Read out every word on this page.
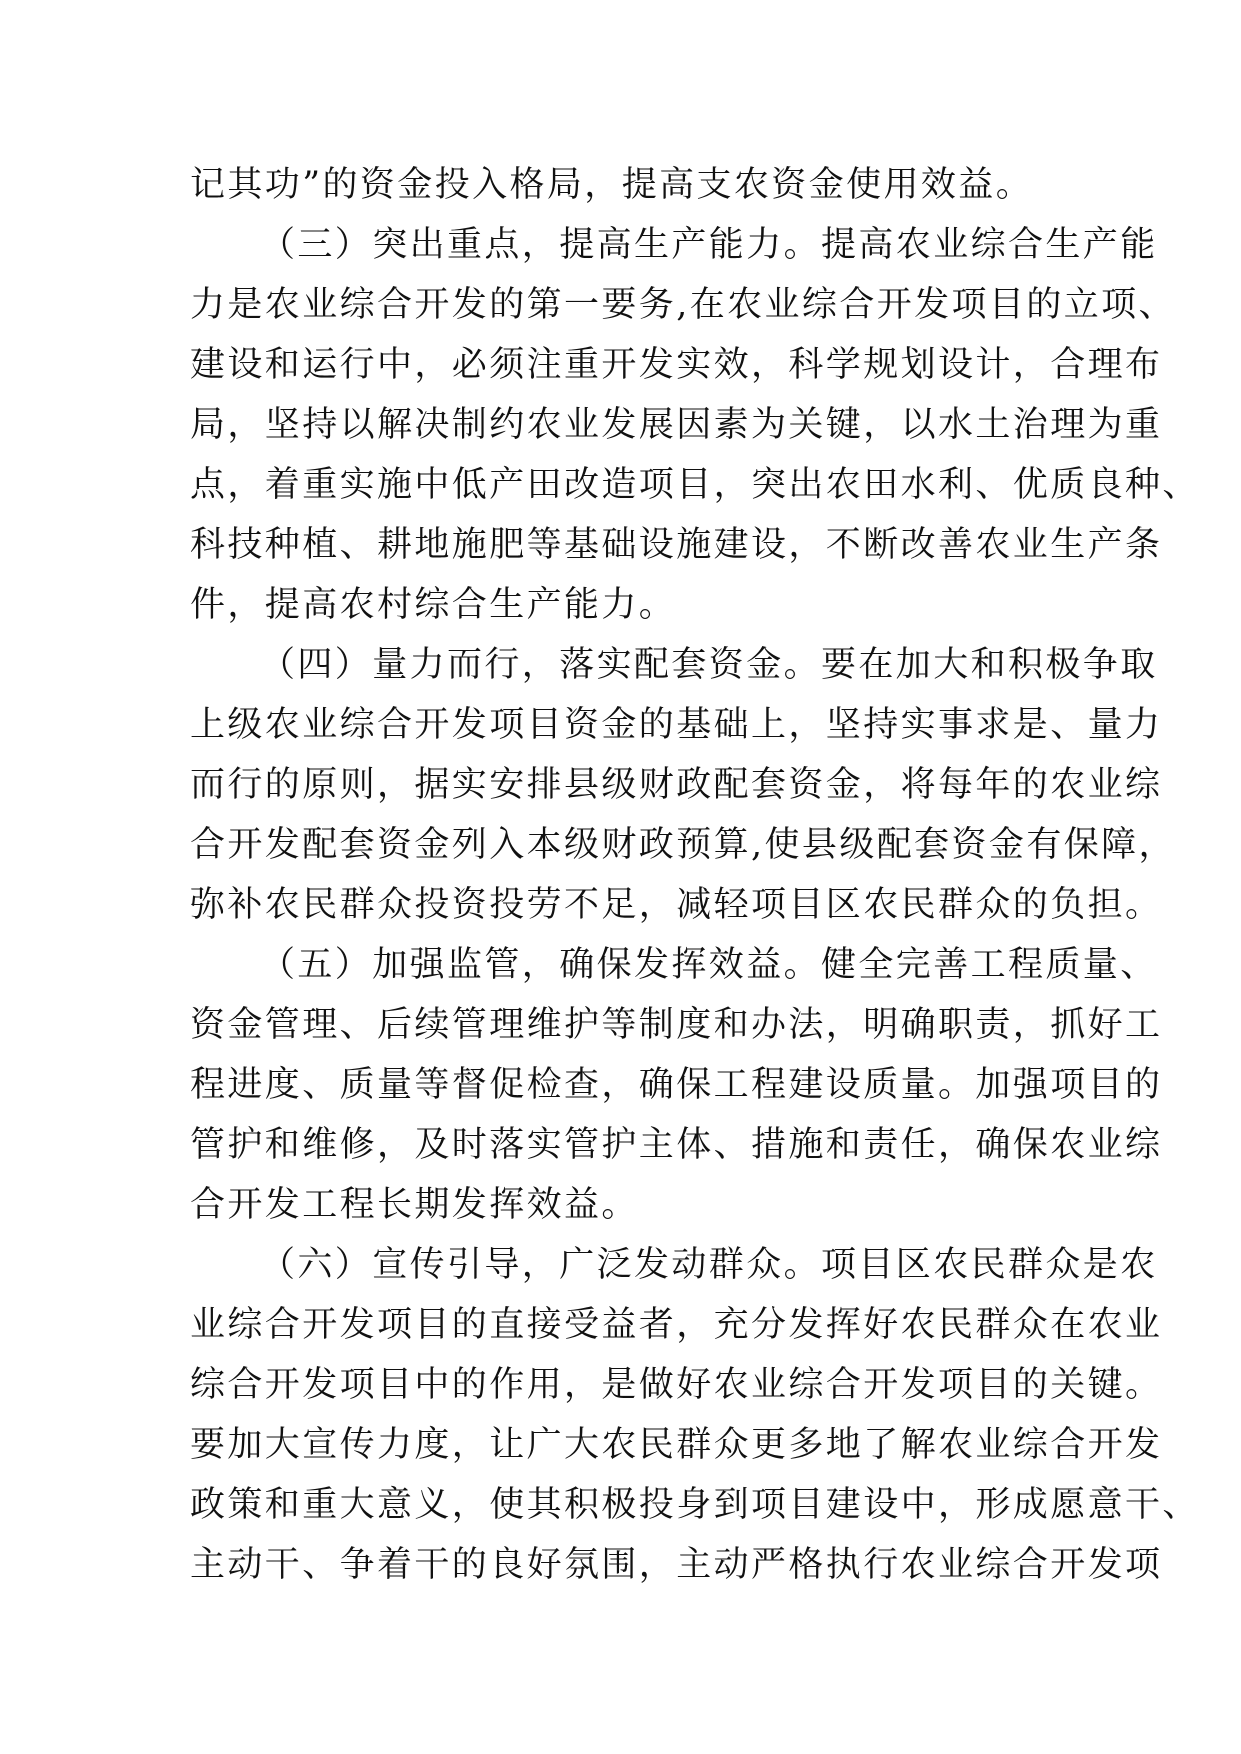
记其功”的资金投入格局，提高支农资金使用效益。
（三）突出重点，提高生产能力。提高农业综合生产能
力是农业综合开发的第一要务,在农业综合开发项目的立项、
建设和运行中，必须注重开发实效，科学规划设计，合理布
局，坚持以解决制约农业发展因素为关键，以水土治理为重
点，着重实施中低产田改造项目，突出农田水利、优质良种、
科技种植、耕地施肥等基础设施建设，不断改善农业生产条
件，提高农村综合生产能力。
（四）量力而行，落实配套资金。要在加大和积极争取
上级农业综合开发项目资金的基础上，坚持实事求是、量力
而行的原则，据实安排县级财政配套资金，将每年的农业综
合开发配套资金列入本级财政预算,使县级配套资金有保障，
弥补农民群众投资投劳不足，减轻项目区农民群众的负担。
（五）加强监管，确保发挥效益。健全完善工程质量、
资金管理、后续管理维护等制度和办法，明确职责，抓好工
程进度、质量等督促检查，确保工程建设质量。加强项目的
管护和维修，及时落实管护主体、措施和责任，确保农业综
合开发工程长期发挥效益。
（六）宣传引导，广泛发动群众。项目区农民群众是农
业综合开发项目的直接受益者，充分发挥好农民群众在农业
综合开发项目中的作用，是做好农业综合开发项目的关键。
要加大宣传力度，让广大农民群众更多地了解农业综合开发
政策和重大意义，使其积极投身到项目建设中，形成愿意干、
主动干、争着干的良好氛围，主动严格执行农业综合开发项
